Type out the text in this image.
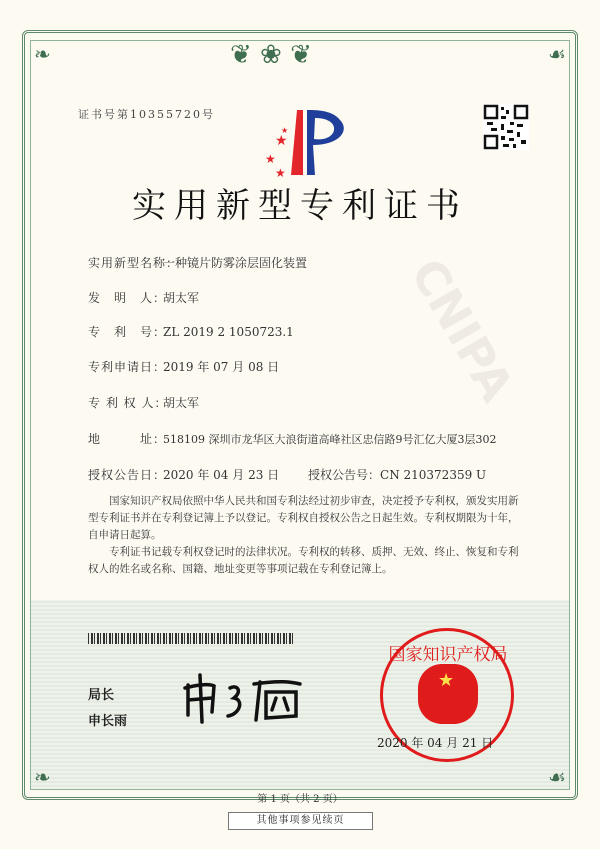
❦ ❀ ❦
❧	☙
❧	☙
CNIPA
证书号第10355720号
★
★
★
★
实用新型专利证书
实用新型名称：一种镜片防雾涂层固化装置
发　明　人：胡太军
专　利　号：ZL 2019 2 1050723.1
专利申请日：2019 年 07 月 08 日
专 利 权 人：胡太军
地　　　址：518109 深圳市龙华区大浪街道高峰社区忠信路9号汇亿大厦3层302
授权公告日：2020 年 04 月 23 日 授权公告号：CN 210372359 U

国家知识产权局依照中华人民共和国专利法经过初步审查，决定授予专利权，颁发实用新型专利证书并在专利登记簿上予以登记。专利权自授权公告之日起生效。专利权期限为十年，自申请日起算。

专利证书记载专利权登记时的法律状况。专利权的转移、质押、无效、终止、恢复和专利权人的姓名或名称、国籍、地址变更等事项记载在专利登记簿上。

局长
申长雨
★
国家知识产权局
2020 年 04 月 21 日
第 1 页（共 2 页）
其他事项参见续页
